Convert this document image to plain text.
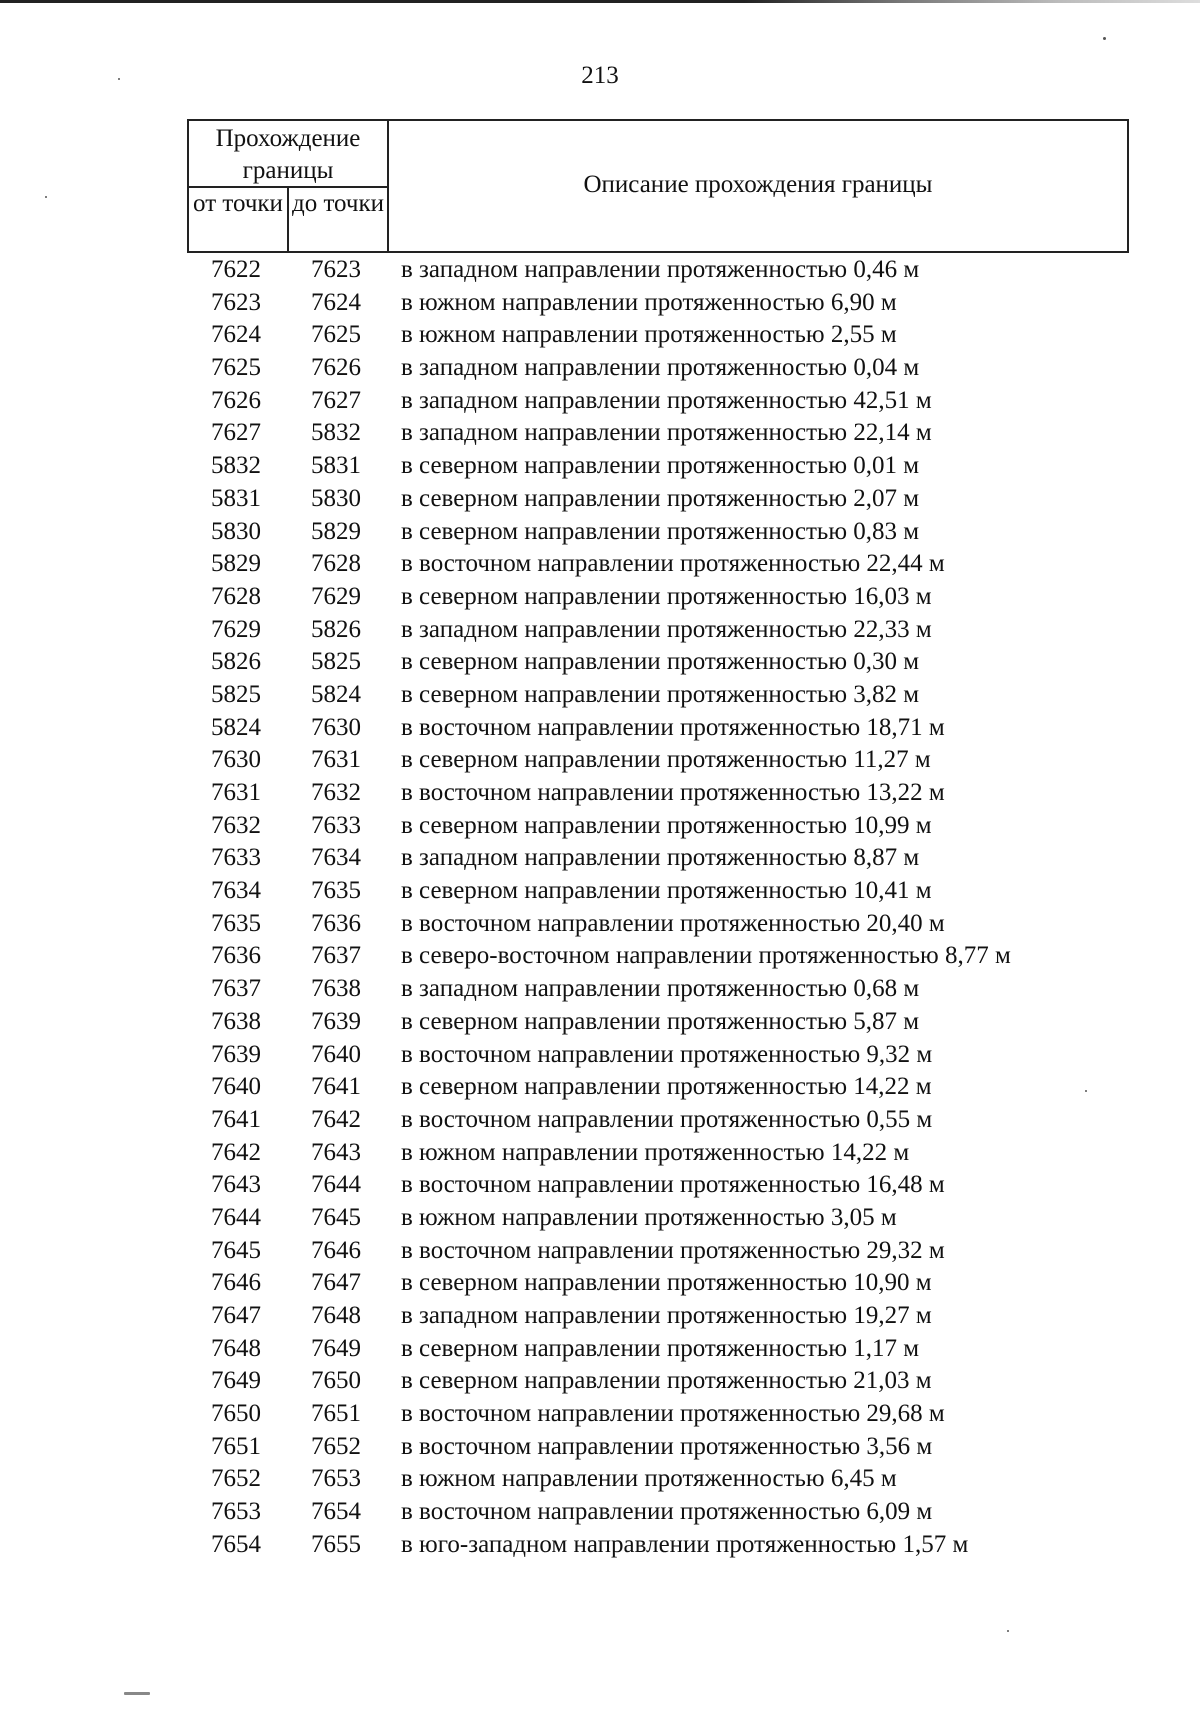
213
Прохождение границы
от точки до точки
Описание прохождения границы
7622	7623	в западном направлении протяженностью 0,46 м
7623	7624	в южном направлении протяженностью 6,90 м
7624	7625	в южном направлении протяженностью 2,55 м
7625	7626	в западном направлении протяженностью 0,04 м
7626	7627	в западном направлении протяженностью 42,51 м
7627	5832	в западном направлении протяженностью 22,14 м
5832	5831	в северном направлении протяженностью 0,01 м
5831	5830	в северном направлении протяженностью 2,07 м
5830	5829	в северном направлении протяженностью 0,83 м
5829	7628	в восточном направлении протяженностью 22,44 м
7628	7629	в северном направлении протяженностью 16,03 м
7629	5826	в западном направлении протяженностью 22,33 м
5826	5825	в северном направлении протяженностью 0,30 м
5825	5824	в северном направлении протяженностью 3,82 м
5824	7630	в восточном направлении протяженностью 18,71 м
7630	7631	в северном направлении протяженностью 11,27 м
7631	7632	в восточном направлении протяженностью 13,22 м
7632	7633	в северном направлении протяженностью 10,99 м
7633	7634	в западном направлении протяженностью 8,87 м
7634	7635	в северном направлении протяженностью 10,41 м
7635	7636	в восточном направлении протяженностью 20,40 м
7636	7637	в северо-восточном направлении протяженностью 8,77 м
7637	7638	в западном направлении протяженностью 0,68 м
7638	7639	в северном направлении протяженностью 5,87 м
7639	7640	в восточном направлении протяженностью 9,32 м
7640	7641	в северном направлении протяженностью 14,22 м
7641	7642	в восточном направлении протяженностью 0,55 м
7642	7643	в южном направлении протяженностью 14,22 м
7643	7644	в восточном направлении протяженностью 16,48 м
7644	7645	в южном направлении протяженностью 3,05 м
7645	7646	в восточном направлении протяженностью 29,32 м
7646	7647	в северном направлении протяженностью 10,90 м
7647	7648	в западном направлении протяженностью 19,27 м
7648	7649	в северном направлении протяженностью 1,17 м
7649	7650	в северном направлении протяженностью 21,03 м
7650	7651	в восточном направлении протяженностью 29,68 м
7651	7652	в восточном направлении протяженностью 3,56 м
7652	7653	в южном направлении протяженностью 6,45 м
7653	7654	в восточном направлении протяженностью 6,09 м
7654	7655	в юго-западном направлении протяженностью 1,57 м
